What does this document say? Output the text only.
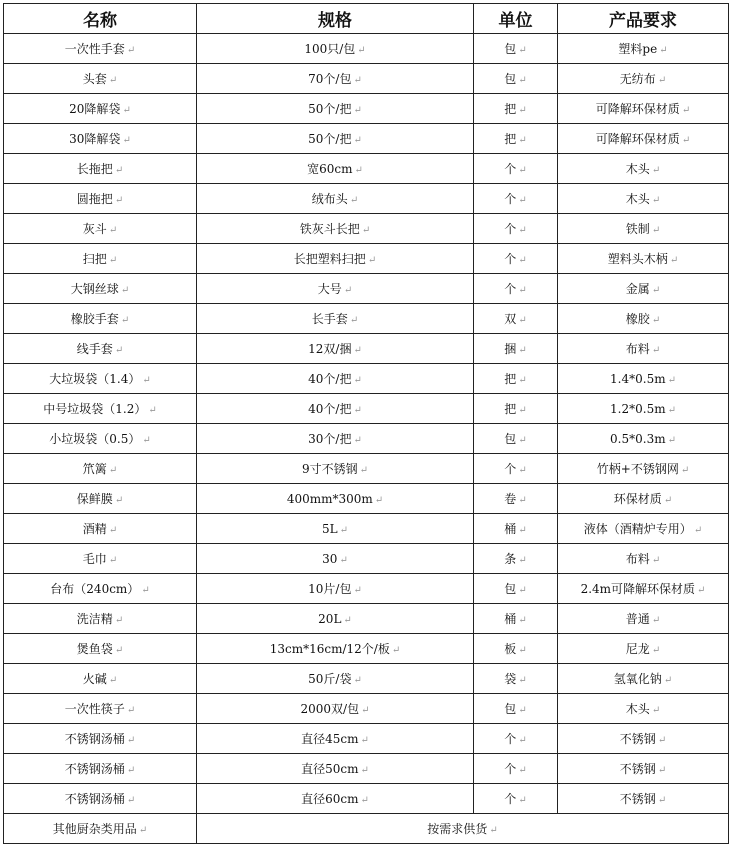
名称	规格	单位	产品要求
一次性手套 ↵	100只/包 ↵	包 ↵	塑料pe ↵
头套 ↵	70个/包 ↵	包 ↵	无纺布 ↵
20降解袋 ↵	50个/把 ↵	把 ↵	可降解环保材质 ↵
30降解袋 ↵	50个/把 ↵	把 ↵	可降解环保材质 ↵
长拖把 ↵	宽60cm ↵	个 ↵	木头 ↵
圆拖把 ↵	绒布头 ↵	个 ↵	木头 ↵
灰斗 ↵	铁灰斗长把 ↵	个 ↵	铁制 ↵
扫把 ↵	长把塑料扫把 ↵	个 ↵	塑料头木柄 ↵
大钢丝球 ↵	大号 ↵	个 ↵	金属 ↵
橡胶手套 ↵	长手套 ↵	双 ↵	橡胶 ↵
线手套 ↵	12双/捆 ↵	捆 ↵	布料 ↵
大垃圾袋（1.4） ↵	40个/把 ↵	把 ↵	1.4*0.5m ↵
中号垃圾袋（1.2） ↵	40个/把 ↵	把 ↵	1.2*0.5m ↵
小垃圾袋（0.5） ↵	30个/把 ↵	包 ↵	0.5*0.3m ↵
笊篱 ↵	9寸不锈钢 ↵	个 ↵	竹柄+不锈钢网 ↵
保鲜膜 ↵	400mm*300m ↵	卷 ↵	环保材质 ↵
酒精 ↵	5L ↵	桶 ↵	液体（酒精炉专用） ↵
毛巾 ↵	30 ↵	条 ↵	布料 ↵
台布（240cm） ↵	10片/包 ↵	包 ↵	2.4m可降解环保材质 ↵
洗洁精 ↵	20L ↵	桶 ↵	普通 ↵
煲鱼袋 ↵	13cm*16cm/12个/板 ↵	板 ↵	尼龙 ↵
火碱 ↵	50斤/袋 ↵	袋 ↵	氢氧化钠 ↵
一次性筷子 ↵	2000双/包 ↵	包 ↵	木头 ↵
不锈钢汤桶 ↵	直径45cm ↵	个 ↵	不锈钢 ↵
不锈钢汤桶 ↵	直径50cm ↵	个 ↵	不锈钢 ↵
不锈钢汤桶 ↵	直径60cm ↵	个 ↵	不锈钢 ↵
其他厨杂类用品 ↵	按需求供货 ↵		
